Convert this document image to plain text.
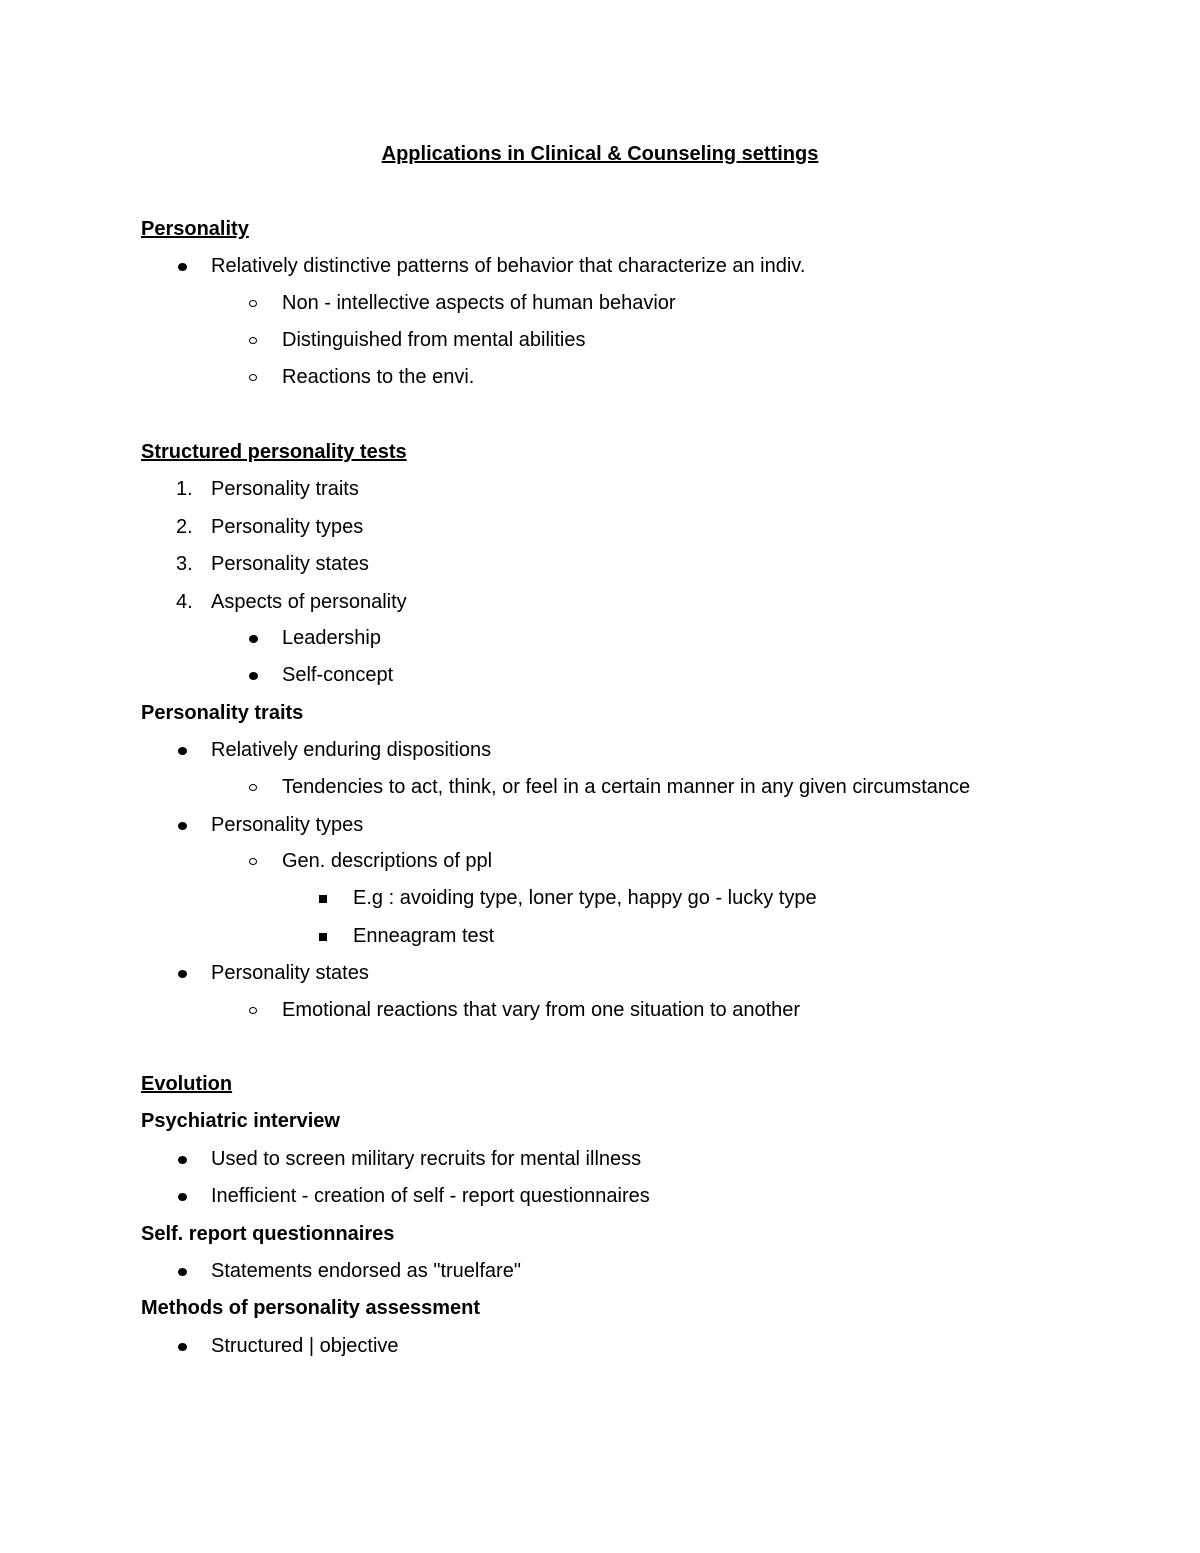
Applications in Clinical & Counseling settings
Personality
Relatively distinctive patterns of behavior that characterize an indiv.
Non - intellective aspects of human behavior
Distinguished from mental abilities
Reactions to the envi.
Structured personality tests
1. Personality traits
2. Personality types
3. Personality states
4. Aspects of personality
Leadership
Self-concept
Personality traits
Relatively enduring dispositions
Tendencies to act, think, or feel in a certain manner in any given circumstance
Personality types
Gen. descriptions of ppl
E.g : avoiding type, loner type, happy go - lucky type
Enneagram test
Personality states
Emotional reactions that vary from one situation to another
Evolution
Psychiatric interview
Used to screen military recruits for mental illness
Inefficient - creation of self - report questionnaires
Self. report questionnaires
Statements endorsed as "truelfare"
Methods of personality assessment
Structured | objective
